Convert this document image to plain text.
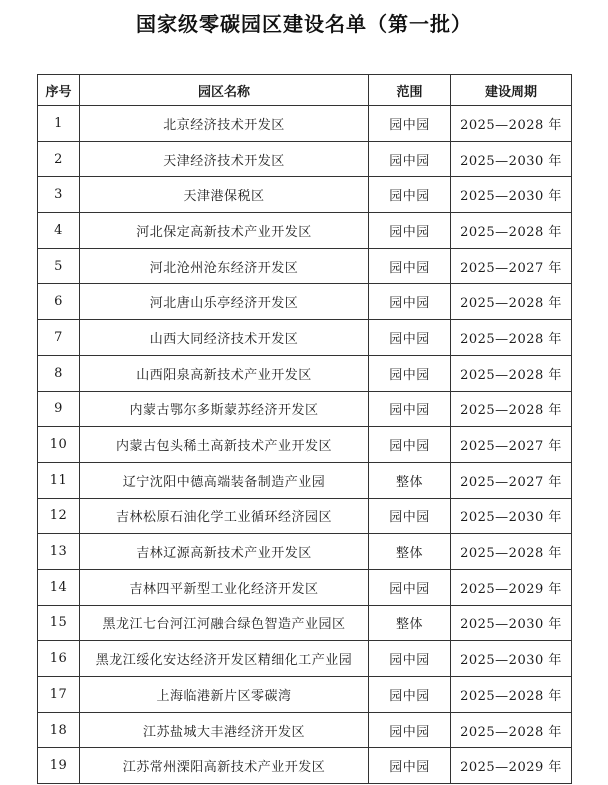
国家级零碳园区建设名单（第一批）
序号	园区名称	范围	建设周期
1	北京经济技术开发区	园中园	2025—2028 年
2	天津经济技术开发区	园中园	2025—2030 年
3	天津港保税区	园中园	2025—2030 年
4	河北保定高新技术产业开发区	园中园	2025—2028 年
5	河北沧州沧东经济开发区	园中园	2025—2027 年
6	河北唐山乐亭经济开发区	园中园	2025—2028 年
7	山西大同经济技术开发区	园中园	2025—2028 年
8	山西阳泉高新技术产业开发区	园中园	2025—2028 年
9	内蒙古鄂尔多斯蒙苏经济开发区	园中园	2025—2028 年
10	内蒙古包头稀土高新技术产业开发区	园中园	2025—2027 年
11	辽宁沈阳中德高端装备制造产业园	整体	2025—2027 年
12	吉林松原石油化学工业循环经济园区	园中园	2025—2030 年
13	吉林辽源高新技术产业开发区	整体	2025—2028 年
14	吉林四平新型工业化经济开发区	园中园	2025—2029 年
15	黑龙江七台河江河融合绿色智造产业园区	整体	2025—2030 年
16	黑龙江绥化安达经济开发区精细化工产业园	园中园	2025—2030 年
17	上海临港新片区零碳湾	园中园	2025—2028 年
18	江苏盐城大丰港经济开发区	园中园	2025—2028 年
19	江苏常州溧阳高新技术产业开发区	园中园	2025—2029 年
